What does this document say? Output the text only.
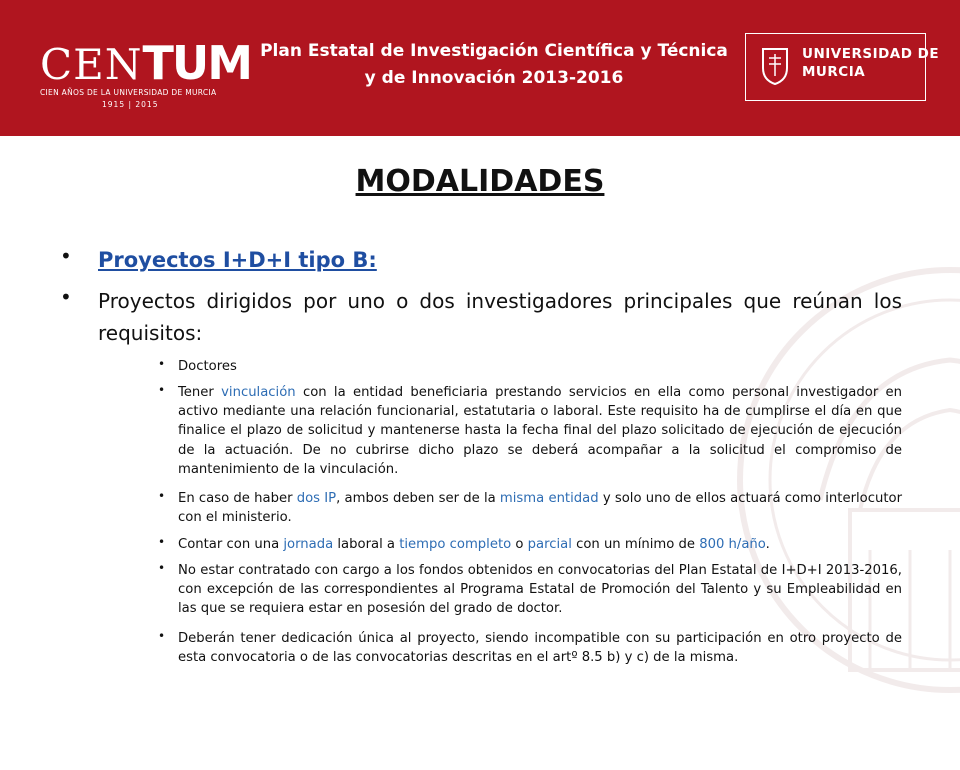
CENTUM
CIEN AÑOS DE LA UNIVERSIDAD DE MURCIA
1915 | 2015
Plan Estatal de Investigación Científica y Técnica
y de Innovación 2013-2016
UNIVERSIDAD DE
MURCIA
MODALIDADES
• Proyectos I+D+I tipo B:
• Proyectos dirigidos por uno o dos investigadores principales que reúnan los requisitos:
• Doctores
• Tener vinculación con la entidad beneficiaria prestando servicios en ella como personal investigador en activo mediante una relación funcionarial, estatutaria o laboral. Este requisito ha de cumplirse el día en que finalice el plazo de solicitud y mantenerse hasta la fecha final del plazo solicitado de ejecución de ejecución de la actuación. De no cubrirse dicho plazo se deberá acompañar a la solicitud el compromiso de mantenimiento de la vinculación.
• En caso de haber dos IP, ambos deben ser de la misma entidad y solo uno de ellos actuará como interlocutor con el ministerio.
• Contar con una jornada laboral a tiempo completo o parcial con un mínimo de 800 h/año.
• No estar contratado con cargo a los fondos obtenidos en convocatorias del Plan Estatal de I+D+I 2013-2016, con excepción de las correspondientes al Programa Estatal de Promoción del Talento y su Empleabilidad en las que se requiera estar en posesión del grado de doctor.
• Deberán tener dedicación única al proyecto, siendo incompatible con su participación en otro proyecto de esta convocatoria o de las convocatorias descritas en el artº 8.5 b) y c) de la misma.
